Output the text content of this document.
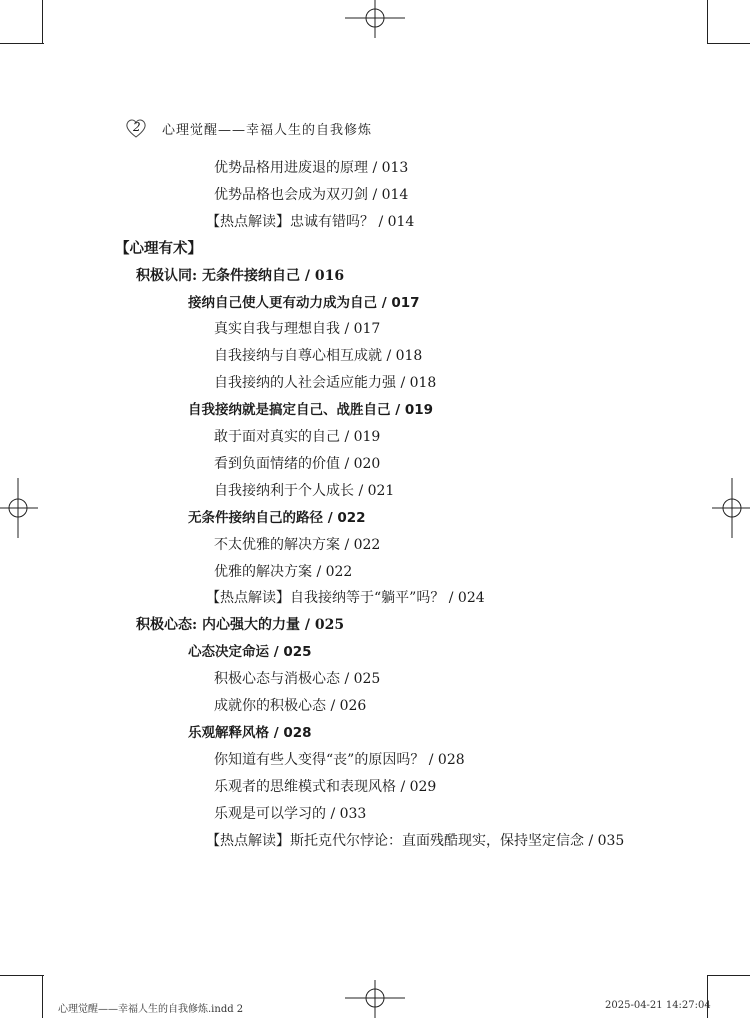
2 心理觉醒——幸福人生的自我修炼
优势品格用进废退的原理 / 013
优势品格也会成为双刃剑 / 014
【热点解读】忠诚有错吗？ / 014
【心理有术】
积极认同: 无条件接纳自己 / 016
接纳自己使人更有动力成为自己 / 017
真实自我与理想自我 / 017
自我接纳与自尊心相互成就 / 018
自我接纳的人社会适应能力强 / 018
自我接纳就是搞定自己、战胜自己 / 019
敢于面对真实的自己 / 019
看到负面情绪的价值 / 020
自我接纳利于个人成长 / 021
无条件接纳自己的路径 / 022
不太优雅的解决方案 / 022
优雅的解决方案 / 022
【热点解读】自我接纳等于“躺平”吗？ / 024
积极心态: 内心强大的力量 / 025
心态决定命运 / 025
积极心态与消极心态 / 025
成就你的积极心态 / 026
乐观解释风格 / 028
你知道有些人变得“丧”的原因吗？ / 028
乐观者的思维模式和表现风格 / 029
乐观是可以学习的 / 033
【热点解读】斯托克代尔悖论：直面残酷现实，保持坚定信念 / 035
心理觉醒——幸福人生的自我修炼.indd 2	2025-04-21 14:27:04
